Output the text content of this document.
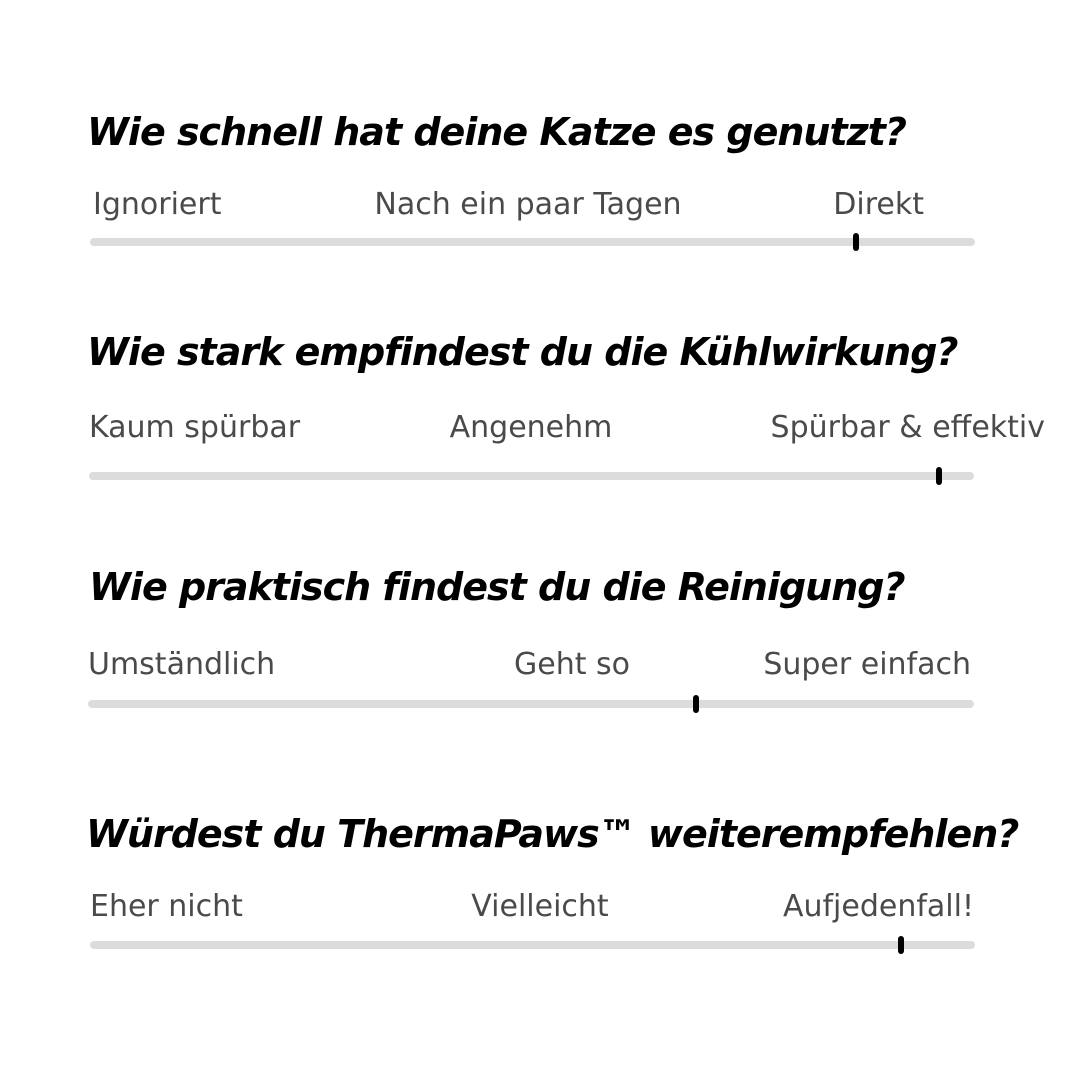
Wie schnell hat deine Katze es genutzt?
Ignoriert	Nach ein paar Tagen	Direkt
Wie stark empfindest du die Kühlwirkung?
Kaum spürbar	Angenehm	Spürbar & effektiv
Wie praktisch findest du die Reinigung?
Umständlich	Geht so	Super einfach
Würdest du ThermaPaws™ weiterempfehlen?
Eher nicht	Vielleicht	Aufjedenfall!
